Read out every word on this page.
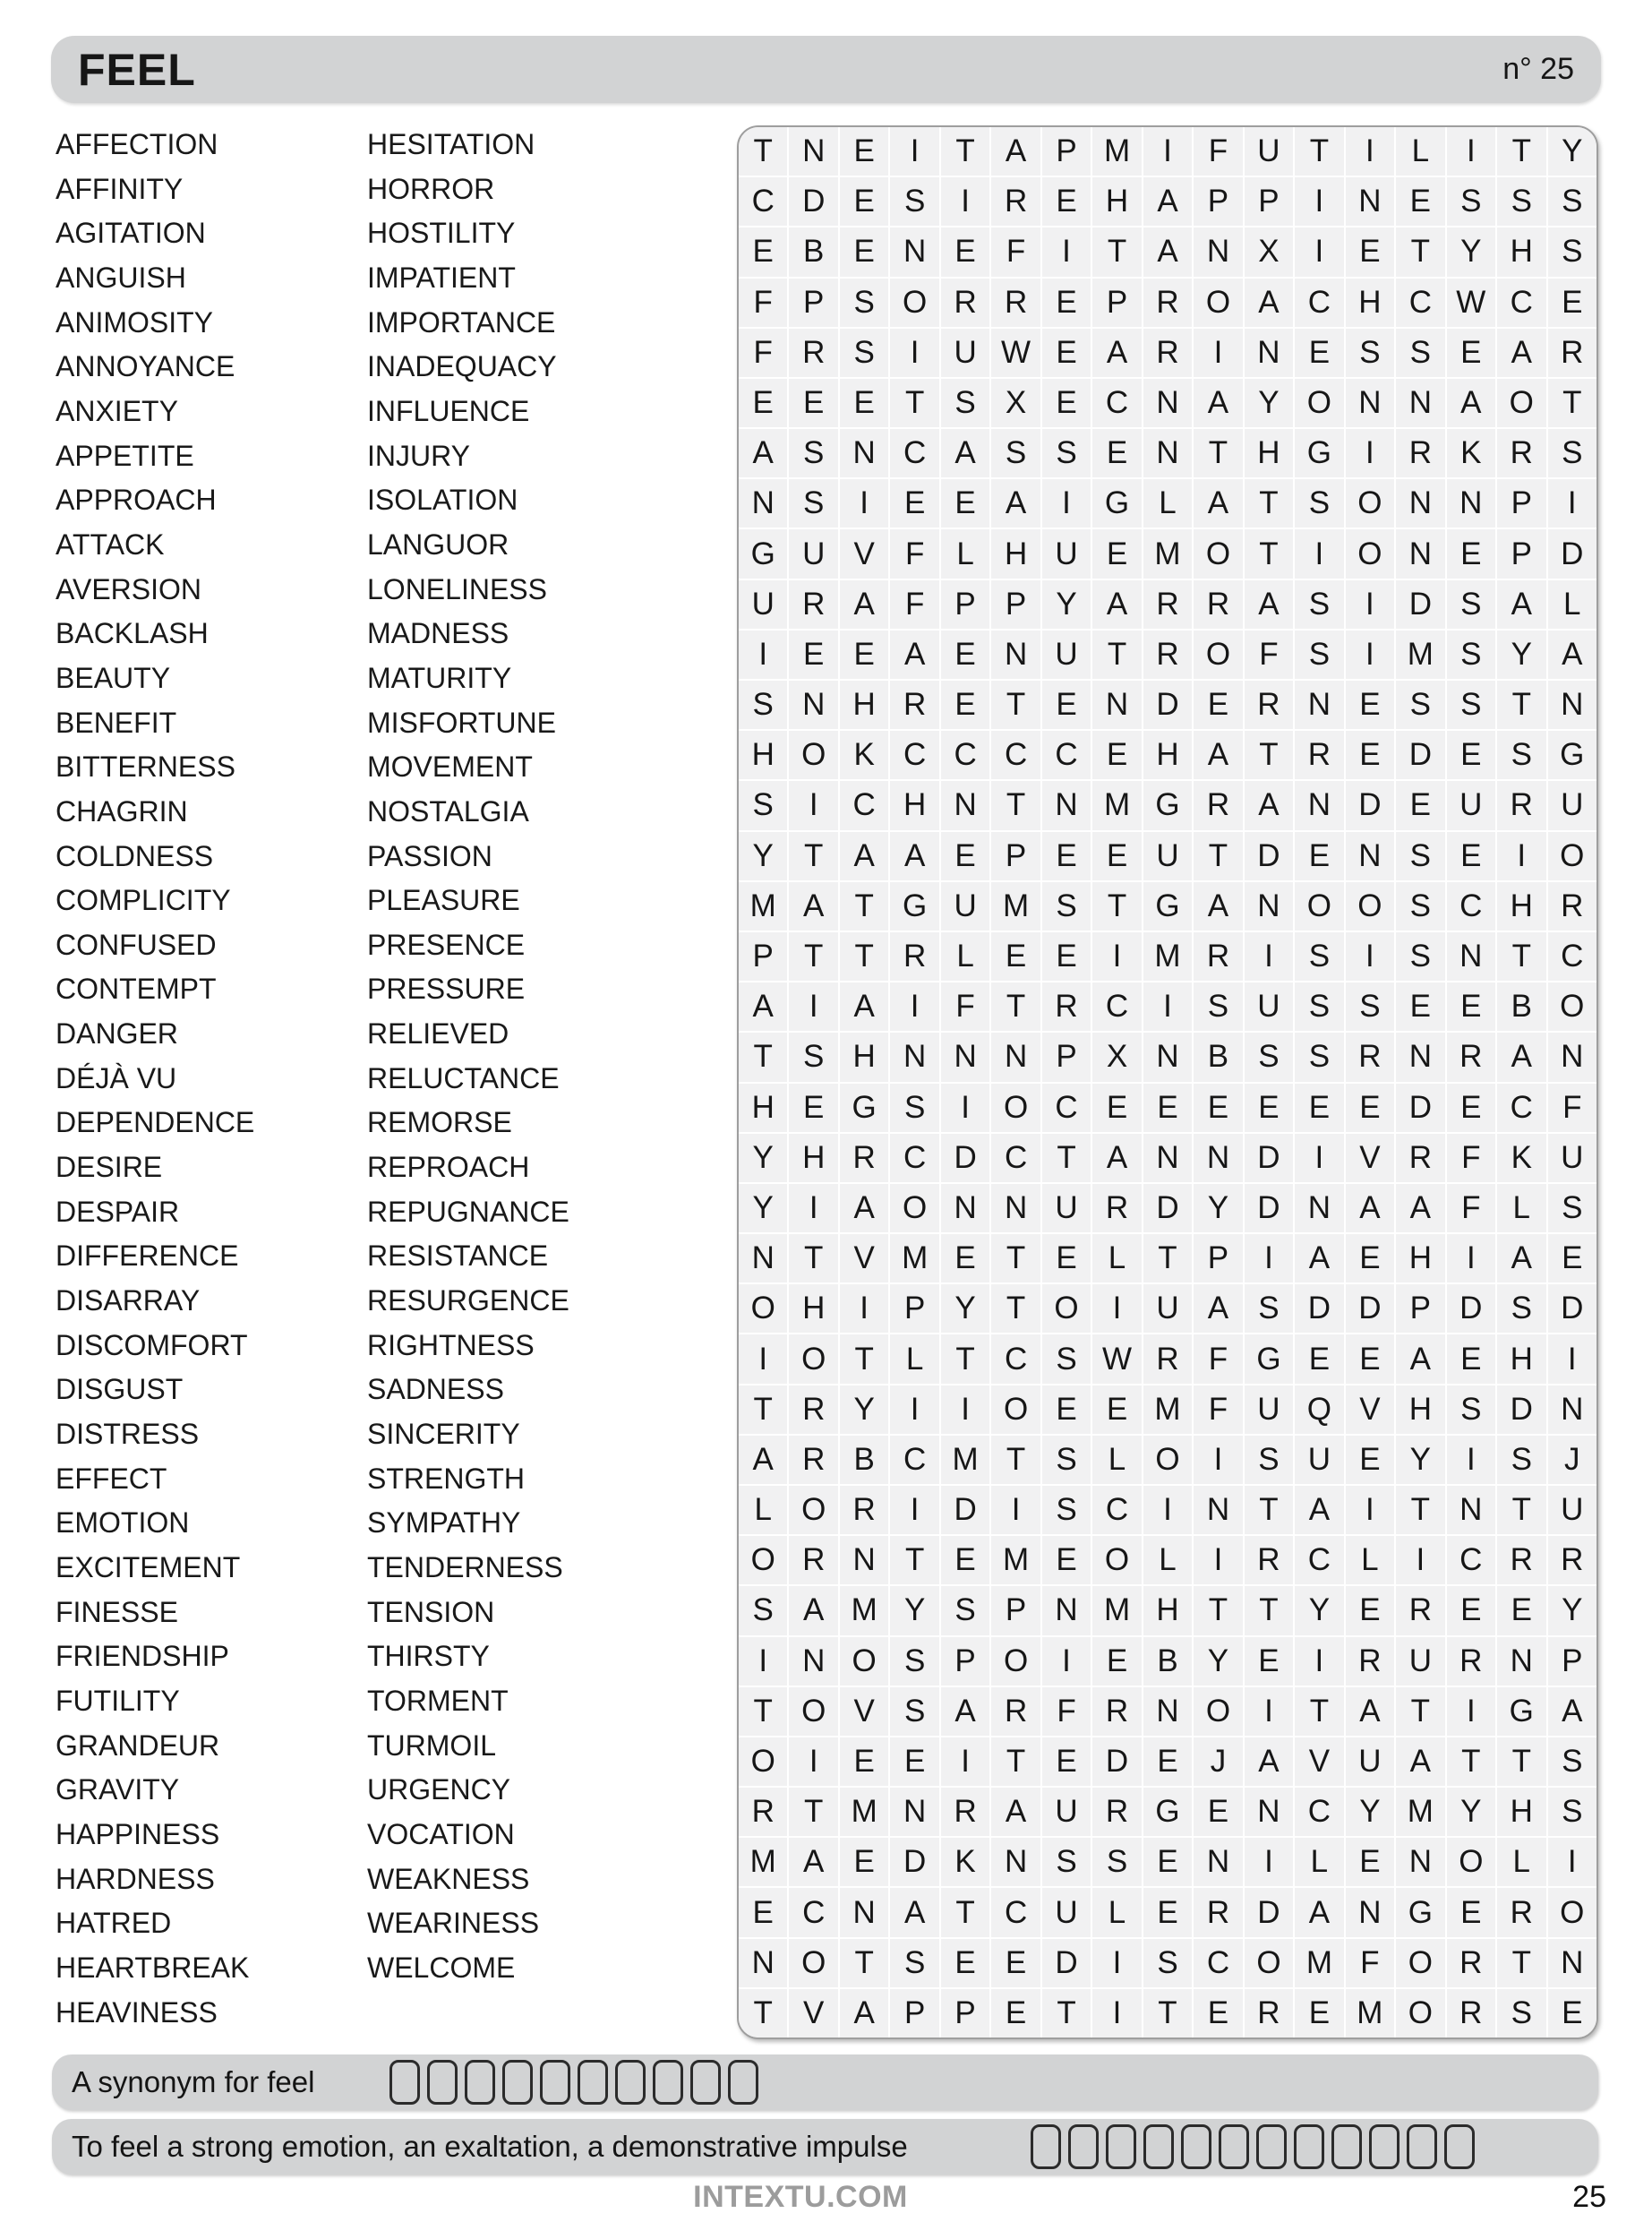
FEEL	n° 25
AFFECTION
AFFINITY
AGITATION
ANGUISH
ANIMOSITY
ANNOYANCE
ANXIETY
APPETITE
APPROACH
ATTACK
AVERSION
BACKLASH
BEAUTY
BENEFIT
BITTERNESS
CHAGRIN
COLDNESS
COMPLICITY
CONFUSED
CONTEMPT
DANGER
DÉJÀ VU
DEPENDENCE
DESIRE
DESPAIR
DIFFERENCE
DISARRAY
DISCOMFORT
DISGUST
DISTRESS
EFFECT
EMOTION
EXCITEMENT
FINESSE
FRIENDSHIP
FUTILITY
GRANDEUR
GRAVITY
HAPPINESS
HARDNESS
HATRED
HEARTBREAK
HEAVINESS
HESITATION
HORROR
HOSTILITY
IMPATIENT
IMPORTANCE
INADEQUACY
INFLUENCE
INJURY
ISOLATION
LANGUOR
LONELINESS
MADNESS
MATURITY
MISFORTUNE
MOVEMENT
NOSTALGIA
PASSION
PLEASURE
PRESENCE
PRESSURE
RELIEVED
RELUCTANCE
REMORSE
REPROACH
REPUGNANCE
RESISTANCE
RESURGENCE
RIGHTNESS
SADNESS
SINCERITY
STRENGTH
SYMPATHY
TENDERNESS
TENSION
THIRSTY
TORMENT
TURMOIL
URGENCY
VOCATION
WEAKNESS
WEARINESS
WELCOME
T N E	I	T A P M	I	F U T	I	L	I	T Y
C D E S	I	R E H A P P	I	N E S S S
E B E N E F	I	T A N X	I	E T Y H S
F P S O R R E P R O A C H C W C E
F R S	I	U W E A R	I	N E S S E A R
E E E T S X E C N A Y O N N A O T
A S N C A S S E N T H G	I	R K R S
N S	I	E E A	I	G L	A T S O N N P	I
G U V F	L H U E M O T	I	O N E P D
U R A F P P Y A R R A S	I	D S A	L
I	E E A E N U T R O F S	I	M S Y A
S N H R E T E N D E R N E S S T N
H O K C C C C E H A T R E D E S G
S	I	C H N T N M G R A N D E U R U
Y T A A E P E E U T D E N S E	I	O
M A T G U M S T G A N O O S C H R
P T	T R L	E E	I	M R	I	S	I	S N T C
A	I	A	I	F	T R C	I	S U S S E E B O
T S H N N N P X N B S S R N R A N
H E G S	I	O C E E E E E E D E C F
Y H R C D C T A N N D	I	V R F K U
Y	I	A O N N U R D Y D N A A F	L	S
N T V M E T E	L	T P	I	A E H	I	A E
O H	I	P Y T O	I	U A S D D P D S D
I	O T	L	T C S W R F G E E A E H	I
T R Y	I	I	O E E M F U Q V H S D N
A R B C M T S	L O	I	S U E Y	I	S	J
L O R	I	D	I	S C	I	N T A	I	T N T U
O R N T E M E O L	I	R C L	I	C R R
S A M Y S P N M H T	T Y E R E E Y
I	N O S P O	I	E B Y E	I	R U R N P
T O V S A R F R N O	I	T A T	I	G A
O	I	E E	I	T E D E	J	A V U A T	T S
R T M N R A U R G E N C Y M Y H S
M A E D K N S S E N	I	L	E N O L	I
E C N A T C U L	E R D A N G E R O
N O T S E E D	I	S C O M F O R T N
T V A P P E T	I	T E R E M O R S E
A synonym for feel
To feel a strong emotion, an exaltation, a demonstrative impulse
INTEXTU.COM	25
